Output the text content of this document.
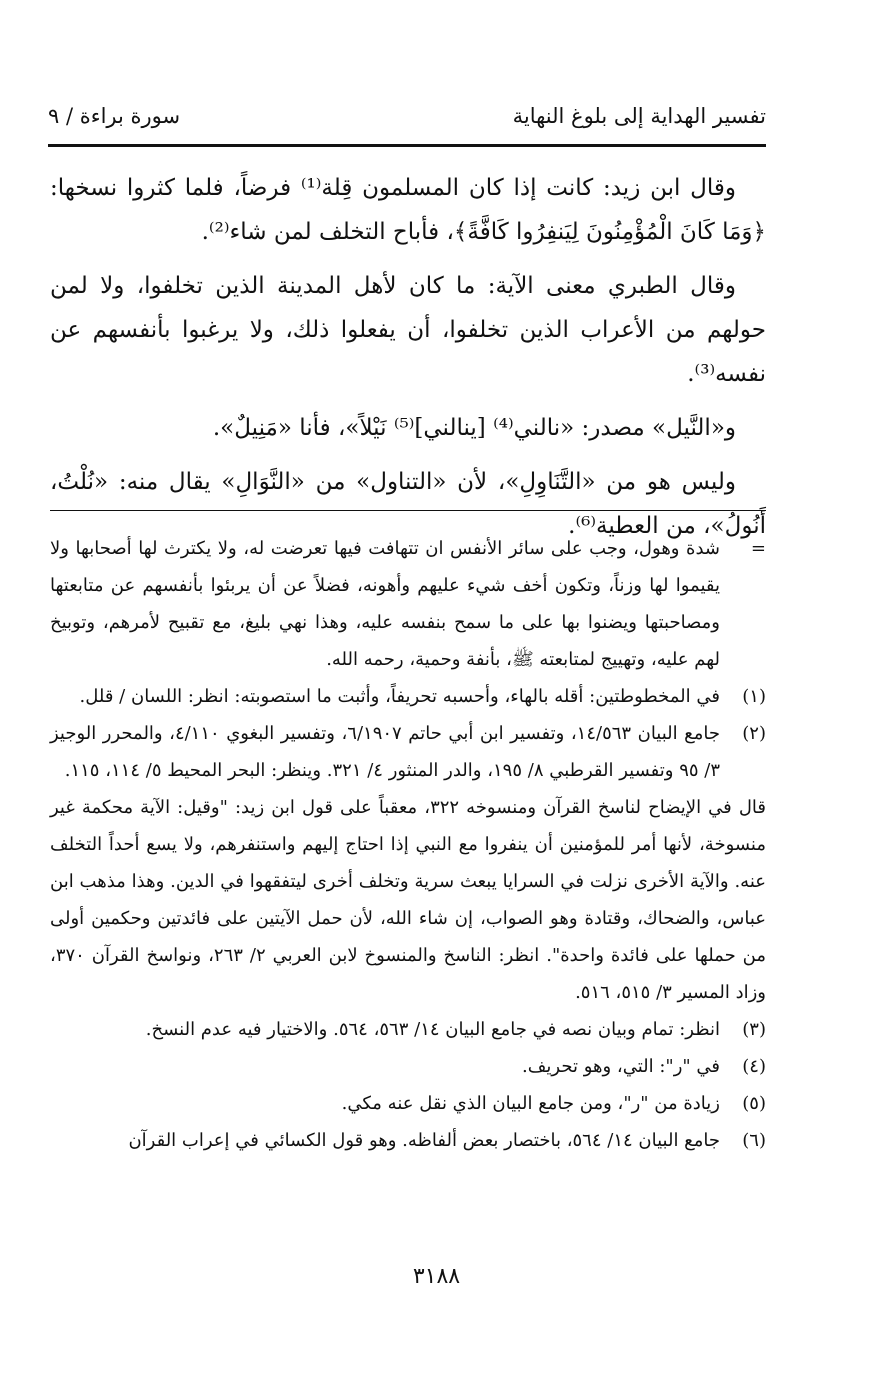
تفسير الهداية إلى بلوغ النهاية
سورة براءة / ٩

وقال ابن زيد: كانت إذا كان المسلمون قِلة⁽¹⁾ فرضاً، فلما كثروا نسخها: ﴿وَمَا كَانَ الْمُؤْمِنُونَ لِيَنفِرُوا كَافَّةً﴾، فأباح التخلف لمن شاء⁽²⁾.

وقال الطبري معنى الآية: ما كان لأهل المدينة الذين تخلفوا، ولا لمن حولهم من الأعراب الذين تخلفوا، أن يفعلوا ذلك، ولا يرغبوا بأنفسهم عن نفسه⁽³⁾.

و«النَّيل» مصدر: «نالني⁽⁴⁾ [ينالني]⁽⁵⁾ نَيْلاً»، فأنا «مَنِيلٌ».

وليس هو من «التَّنَاوِلِ»، لأن «التناول» من «النَّوَالِ» يقال منه: «نُلْتُ، أَنُولُ»، من العطية⁽⁶⁾.

=
شدة وهول، وجب على سائر الأنفس ان تتهافت فيها تعرضت له، ولا يكترث لها أصحابها ولا يقيموا لها وزناً، وتكون أخف شيء عليهم وأهونه، فضلاً عن أن يربئوا بأنفسهم عن متابعتها ومصاحبتها ويضنوا بها على ما سمح بنفسه عليه، وهذا نهي بليغ، مع تقبيح لأمرهم، وتوبيخ لهم عليه، وتهييج لمتابعته ﷺ، بأنفة وحمية، رحمه الله.
(١)
في المخطوطتين: أقله بالهاء، وأحسبه تحريفاً، وأثبت ما استصوبته: انظر: اللسان / قلل.
(٢)
جامع البيان ١٤/٥٦٣، وتفسير ابن أبي حاتم ٦/١٩٠٧، وتفسير البغوي ٤/١١٠، والمحرر الوجيز ٣/ ٩٥ وتفسير القرطبي ٨/ ١٩٥، والدر المنثور ٤/ ٣٢١. وينظر: البحر المحيط ٥/ ١١٤، ١١٥.

قال في الإيضاح لناسخ القرآن ومنسوخه ٣٢٢، معقباً على قول ابن زيد: "وقيل: الآية محكمة غير منسوخة، لأنها أمر للمؤمنين أن ينفروا مع النبي إذا احتاج إليهم واستنفرهم، ولا يسع أحداً التخلف عنه. والآية الأخرى نزلت في السرايا يبعث سرية وتخلف أخرى ليتفقهوا في الدين. وهذا مذهب ابن عباس، والضحاك، وقتادة وهو الصواب، إن شاء الله، لأن حمل الآيتين على فائدتين وحكمين أولى من حملها على فائدة واحدة". انظر: الناسخ والمنسوخ لابن العربي ٢/ ٢٦٣، ونواسخ القرآن ٣٧٠، وزاد المسير ٣/ ٥١٥، ٥١٦.

(٣)
انظر: تمام وبيان نصه في جامع البيان ١٤/ ٥٦٣، ٥٦٤. والاختيار فيه عدم النسخ.
(٤)
في "ر": التي، وهو تحريف.
(٥)
زيادة من "ر"، ومن جامع البيان الذي نقل عنه مكي.
(٦)
جامع البيان ١٤/ ٥٦٤، باختصار بعض ألفاظه. وهو قول الكسائي في إعراب القرآن
٣١٨٨
